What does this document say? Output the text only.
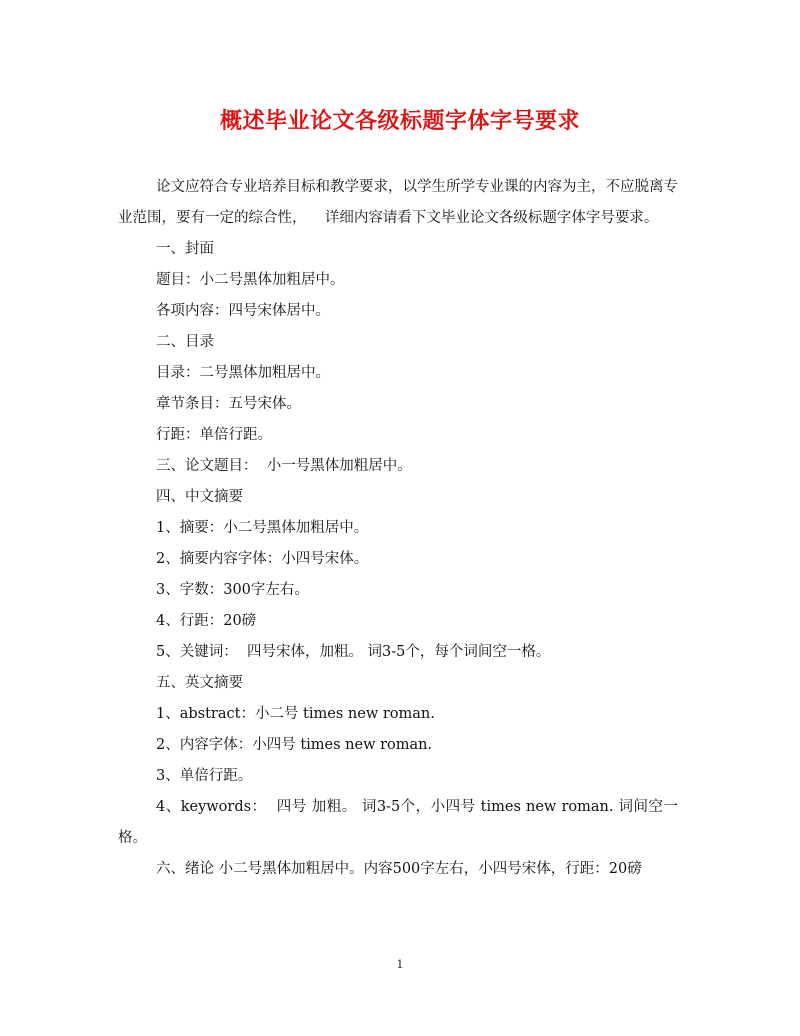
概述毕业论文各级标题字体字号要求

论文应符合专业培养目标和教学要求，以学生所学专业课的内容为主，不应脱离专业范围，要有一定的综合性，    详细内容请看下文毕业论文各级标题字体字号要求。

一、封面

题目：小二号黑体加粗居中。

各项内容：四号宋体居中。

二、目录

目录：二号黑体加粗居中。

章节条目：五号宋体。

行距：单倍行距。

三、论文题目：  小一号黑体加粗居中。

四、中文摘要

1、摘要：小二号黑体加粗居中。

2、摘要内容字体：小四号宋体。

3、字数：300字左右。

4、行距：20磅

5、关键词：  四号宋体，加粗。 词3-5个，每个词间空一格。

五、英文摘要

1、abstract：小二号 times new roman.

2、内容字体：小四号 times new roman.

3、单倍行距。

4、keywords：  四号 加粗。 词3-5个，小四号 times new roman. 词间空一格。

六、绪论 小二号黑体加粗居中。内容500字左右，小四号宋体，行距：20磅

1
